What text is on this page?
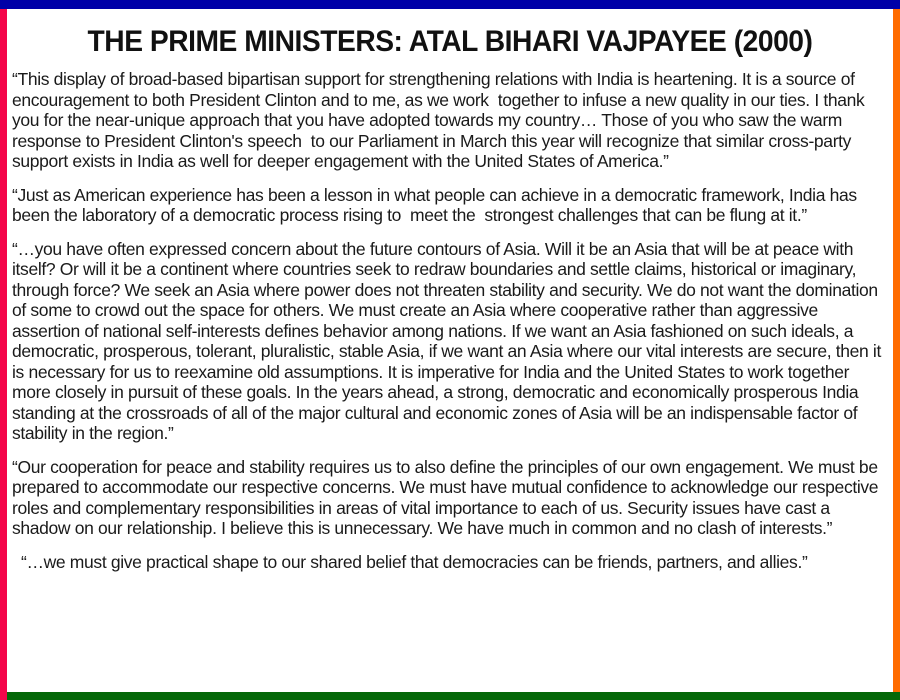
THE PRIME MINISTERS: ATAL BIHARI VAJPAYEE (2000)

“This display of broad-based bipartisan support for strengthening relations with India is heartening. It is a source of encouragement to both President Clinton and to me, as we work  together to infuse a new quality in our ties. I thank you for the near-unique approach that you have adopted towards my country… Those of you who saw the warm response to President Clinton's speech  to our Parliament in March this year will recognize that similar cross-party support exists in India as well for deeper engagement with the United States of America.”

“Just as American experience has been a lesson in what people can achieve in a democratic framework, India has been the laboratory of a democratic process rising to  meet the  strongest challenges that can be flung at it.”

“…you have often expressed concern about the future contours of Asia. Will it be an Asia that will be at peace with itself? Or will it be a continent where countries seek to redraw boundaries and settle claims, historical or imaginary, through force? We seek an Asia where power does not threaten stability and security. We do not want the domination of some to crowd out the space for others. We must create an Asia where cooperative rather than aggressive assertion of national self-interests defines behavior among nations. If we want an Asia fashioned on such ideals, a democratic, prosperous, tolerant, pluralistic, stable Asia, if we want an Asia where our vital interests are secure, then it is necessary for us to reexamine old assumptions. It is imperative for India and the United States to work together more closely in pursuit of these goals. In the years ahead, a strong, democratic and economically prosperous India standing at the crossroads of all of the major cultural and economic zones of Asia will be an indispensable factor of stability in the region.”

“Our cooperation for peace and stability requires us to also define the principles of our own engagement. We must be prepared to accommodate our respective concerns. We must have mutual confidence to acknowledge our respective roles and complementary responsibilities in areas of vital importance to each of us. Security issues have cast a shadow on our relationship. I believe this is unnecessary. We have much in common and no clash of interests.”

“…we must give practical shape to our shared belief that democracies can be friends, partners, and allies.”
